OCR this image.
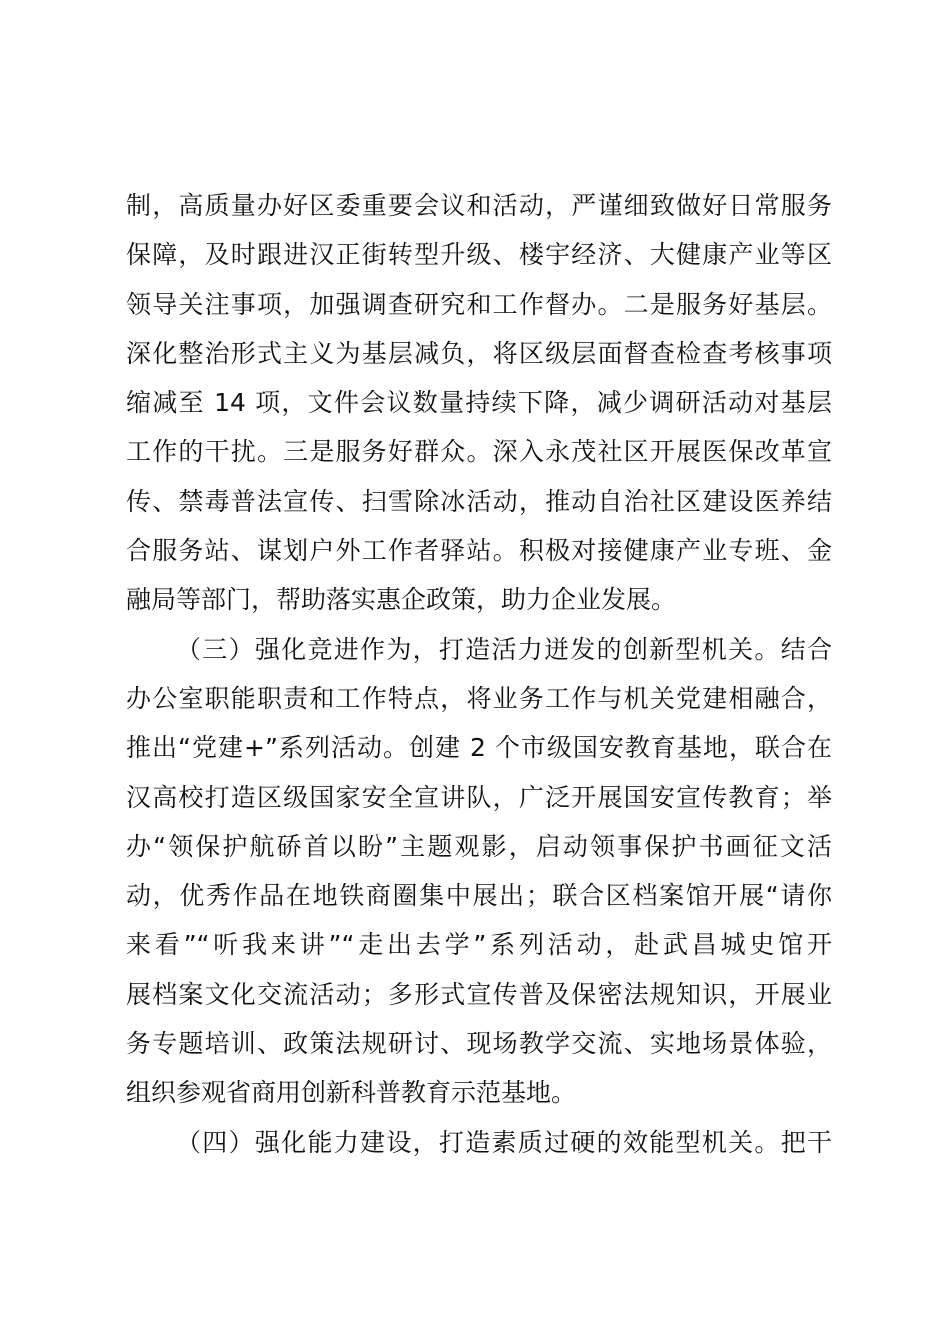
制，高质量办好区委重要会议和活动，严谨细致做好日常服务
保障，及时跟进汉正街转型升级、楼宇经济、大健康产业等区
领导关注事项，加强调查研究和工作督办。二是服务好基层。
深化整治形式主义为基层减负，将区级层面督查检查考核事项
缩减至 14 项，文件会议数量持续下降，减少调研活动对基层
工作的干扰。三是服务好群众。深入永茂社区开展医保改革宣
传、禁毒普法宣传、扫雪除冰活动，推动自治社区建设医养结
合服务站、谋划户外工作者驿站。积极对接健康产业专班、金
融局等部门，帮助落实惠企政策，助力企业发展。
（三）强化竞进作为，打造活力迸发的创新型机关。结合
办公室职能职责和工作特点，将业务工作与机关党建相融合，
推出“党建+”系列活动。创建 2 个市级国安教育基地，联合在
汉高校打造区级国家安全宣讲队，广泛开展国安宣传教育；举
办“领保护航硚首以盼”主题观影，启动领事保护书画征文活
动，优秀作品在地铁商圈集中展出；联合区档案馆开展“请你
来看”“听我来讲”“走出去学”系列活动，赴武昌城史馆开
展档案文化交流活动；多形式宣传普及保密法规知识，开展业
务专题培训、政策法规研讨、现场教学交流、实地场景体验，
组织参观省商用创新科普教育示范基地。
（四）强化能力建设，打造素质过硬的效能型机关。把干
